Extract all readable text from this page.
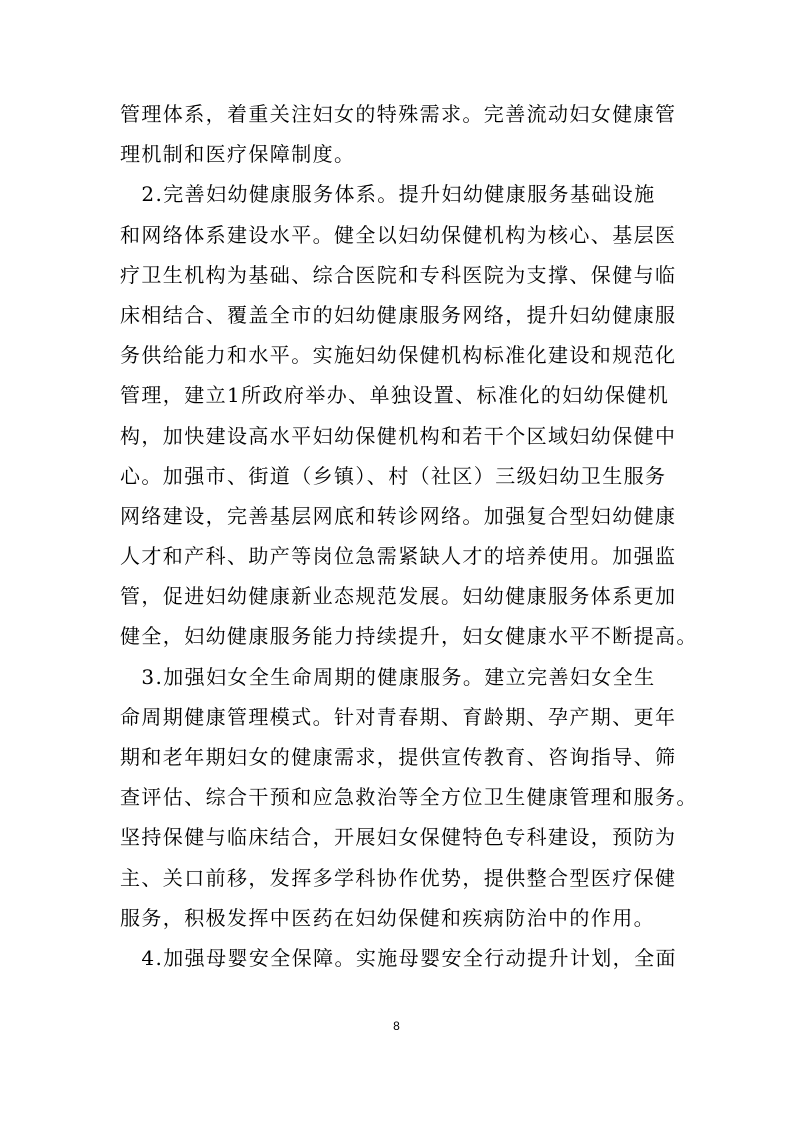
管理体系，着重关注妇女的特殊需求。完善流动妇女健康管
理机制和医疗保障制度。
　2.完善妇幼健康服务体系。提升妇幼健康服务基础设施
和网络体系建设水平。健全以妇幼保健机构为核心、基层医
疗卫生机构为基础、综合医院和专科医院为支撑、保健与临
床相结合、覆盖全市的妇幼健康服务网络，提升妇幼健康服
务供给能力和水平。实施妇幼保健机构标准化建设和规范化
管理，建立1所政府举办、单独设置、标准化的妇幼保健机
构，加快建设高水平妇幼保健机构和若干个区域妇幼保健中
心。加强市、街道（乡镇）、村（社区）三级妇幼卫生服务
网络建设，完善基层网底和转诊网络。加强复合型妇幼健康
人才和产科、助产等岗位急需紧缺人才的培养使用。加强监
管，促进妇幼健康新业态规范发展。妇幼健康服务体系更加
健全，妇幼健康服务能力持续提升，妇女健康水平不断提高。
　3.加强妇女全生命周期的健康服务。建立完善妇女全生
命周期健康管理模式。针对青春期、育龄期、孕产期、更年
期和老年期妇女的健康需求，提供宣传教育、咨询指导、筛
查评估、综合干预和应急救治等全方位卫生健康管理和服务。
坚持保健与临床结合，开展妇女保健特色专科建设，预防为
主、关口前移，发挥多学科协作优势，提供整合型医疗保健
服务，积极发挥中医药在妇幼保健和疾病防治中的作用。
　4.加强母婴安全保障。实施母婴安全行动提升计划，全面
8
